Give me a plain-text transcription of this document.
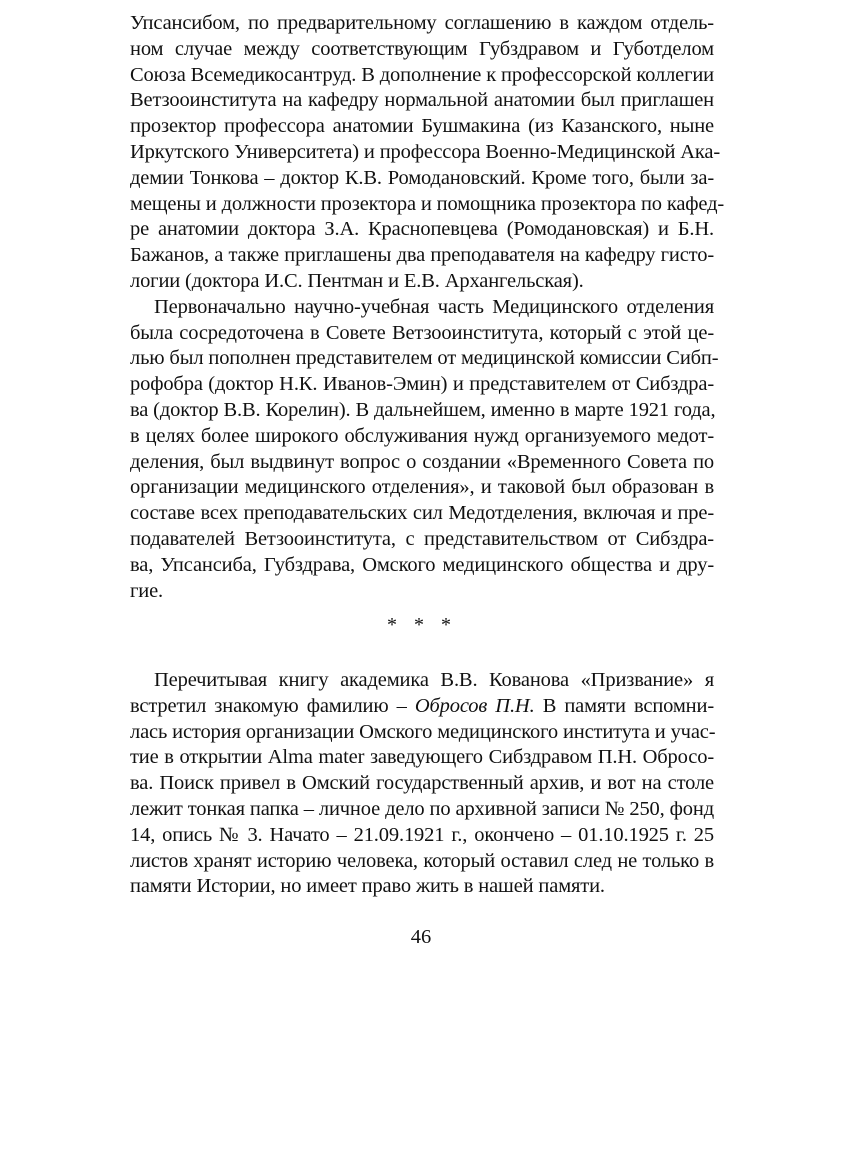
Упсансибом, по предварительному соглашению в каждом отдель-
ном случае между соответствующим Губздравом и Губотделом
Союза Всемедикосантруд. В дополнение к профессорской коллегии
Ветзооинститута на кафедру нормальной анатомии был приглашен
прозектор профессора анатомии Бушмакина (из Казанского, ныне
Иркутского Университета) и профессора Военно-Медицинской Ака-
демии Тонкова – доктор К.В. Ромодановский. Кроме того, были за-
мещены и должности прозектора и помощника прозектора по кафед-
ре анатомии доктора З.А. Краснопевцева (Ромодановская) и Б.Н.
Бажанов, а также приглашены два преподавателя на кафедру гисто-
логии (доктора И.С. Пентман и Е.В. Архангельская).

Первоначально научно-учебная часть Медицинского отделения
была сосредоточена в Совете Ветзооинститута, который с этой це-
лью был пополнен представителем от медицинской комиссии Сибп-
рофобра (доктор Н.К. Иванов-Эмин) и представителем от Сибздра-
ва (доктор В.В. Корелин). В дальнейшем, именно в марте 1921 года,
в целях более широкого обслуживания нужд организуемого медот-
деления, был выдвинут вопрос о создании «Временного Совета по
организации медицинского отделения», и таковой был образован в
составе всех преподавательских сил Медотделения, включая и пре-
подавателей Ветзооинститута, с представительством от Сибздра-
ва, Упсансиба, Губздрава, Омского медицинского общества и дру-
гие.

* * *

Перечитывая книгу академика В.В. Кованова «Призвание» я
встретил знакомую фамилию – Обросов П.Н. В памяти вспомни-
лась история организации Омского медицинского института и учас-
тие в открытии Alma mater заведующего Сибздравом П.Н. Обросо-
ва. Поиск привел в Омский государственный архив, и вот на столе
лежит тонкая папка – личное дело по архивной записи № 250, фонд
14, опись № 3. Начато – 21.09.1921 г., окончено – 01.10.1925 г. 25
листов хранят историю человека, который оставил след не только в
памяти Истории, но имеет право жить в нашей памяти.

46
